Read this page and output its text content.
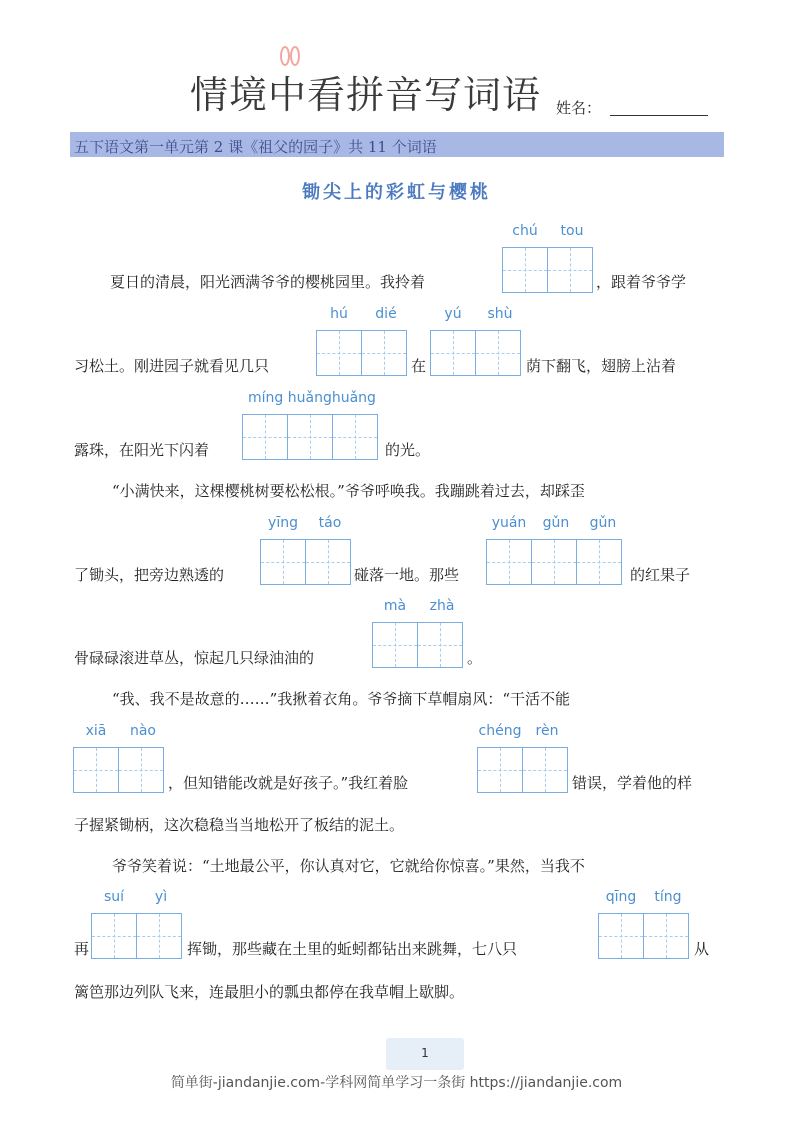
情境中看拼音写词语 姓名：
五下语文第一单元第 2 课《祖父的园子》共 11 个词语
锄尖上的彩虹与樱桃
夏日的清晨，阳光洒满爷爷的樱桃园里。我拎着
chú	tou
，跟着爷爷学
习松土。刚进园子就看见几只
hú	dié
在
yú	shù
荫下翻飞，翅膀上沾着
露珠，在阳光下闪着
míng huǎnghuǎng
的光。
“小满快来，这棵樱桃树要松松根。”爷爷呼唤我。我蹦跳着过去，却踩歪
了锄头，把旁边熟透的
yīng	táo
碰落一地。那些
yuán	gǔn	gǔn
的红果子
骨碌碌滚进草丛，惊起几只绿油油的
mà	zhà
。
“我、我不是故意的……”我揪着衣角。爷爷摘下草帽扇风：“干活不能
xiā	nào
，但知错能改就是好孩子。”我红着脸
chéng	rèn
错误，学着他的样
子握紧锄柄，这次稳稳当当地松开了板结的泥土。
爷爷笑着说：“土地最公平，你认真对它，它就给你惊喜。”果然，当我不
再
suí	yì
挥锄，那些藏在土里的蚯蚓都钻出来跳舞，七八只
qīng	tíng
从
篱笆那边列队飞来，连最胆小的瓢虫都停在我草帽上歇脚。
1
简单街-jiandanjie.com-学科网简单学习一条街 https://jiandanjie.com
